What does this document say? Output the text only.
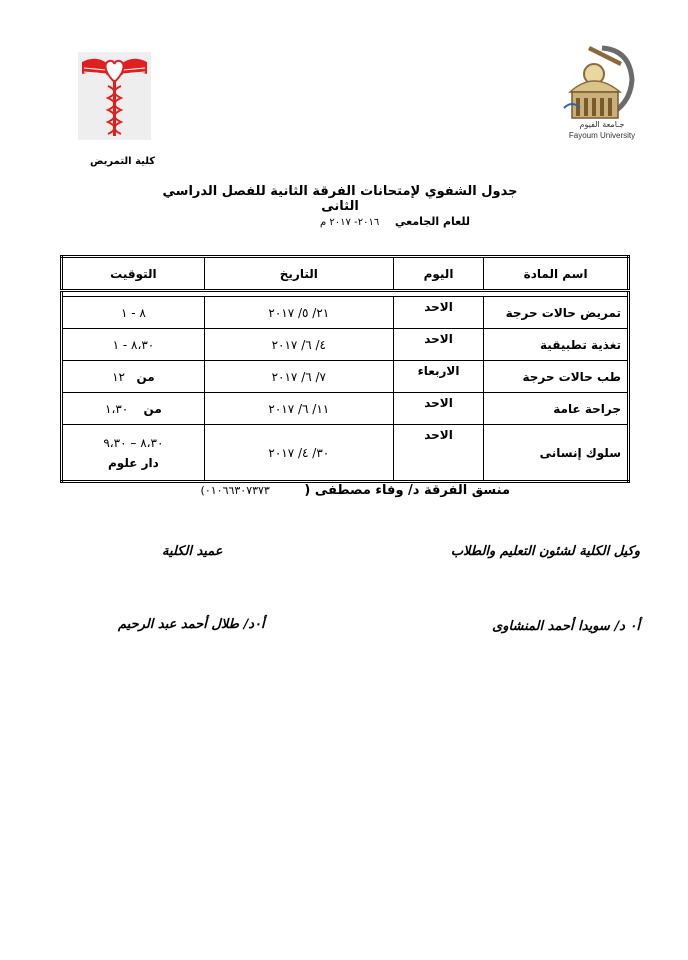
جـامعة الفيوم
Fayoum University
كلية التمريض
جدول الشفوي لإمتحانات الفرقة الثانية للفصل الدراسي الثانى
للعام الجامعي ٢٠١٦- ٢٠١٧ م
اسم المادة	اليوم	التاريخ	التوقيت

تمريض حالات حرجة	الاحد	٢١/ ٥/ ٢٠١٧	٨ - ١
تغذية تطبيقية	الاحد	٤/ ٦/ ٢٠١٧	٨،٣٠ - ١
طب حالات حرجة	الاربعاء	٧/ ٦/ ٢٠١٧	من   ١٢
جراحة عامة	الاحد	١١/ ٦/ ٢٠١٧	من    ١،٣٠
سلوك إنسانى	الاحد	٣٠/ ٤/ ٢٠١٧	٨،٣٠ – ٩،٣٠
دار علوم
منسق الفرقة د/ وفاء مصطفى ( ٠١٠٦٦٣٠٧٣٧٣)
وكيل الكلية لشئون التعليم والطلاب
عميد الكلية
أ٠ د/ سويدا أحمد المنشاوى
أ٠د/ طلال أحمد عبد الرحيم
